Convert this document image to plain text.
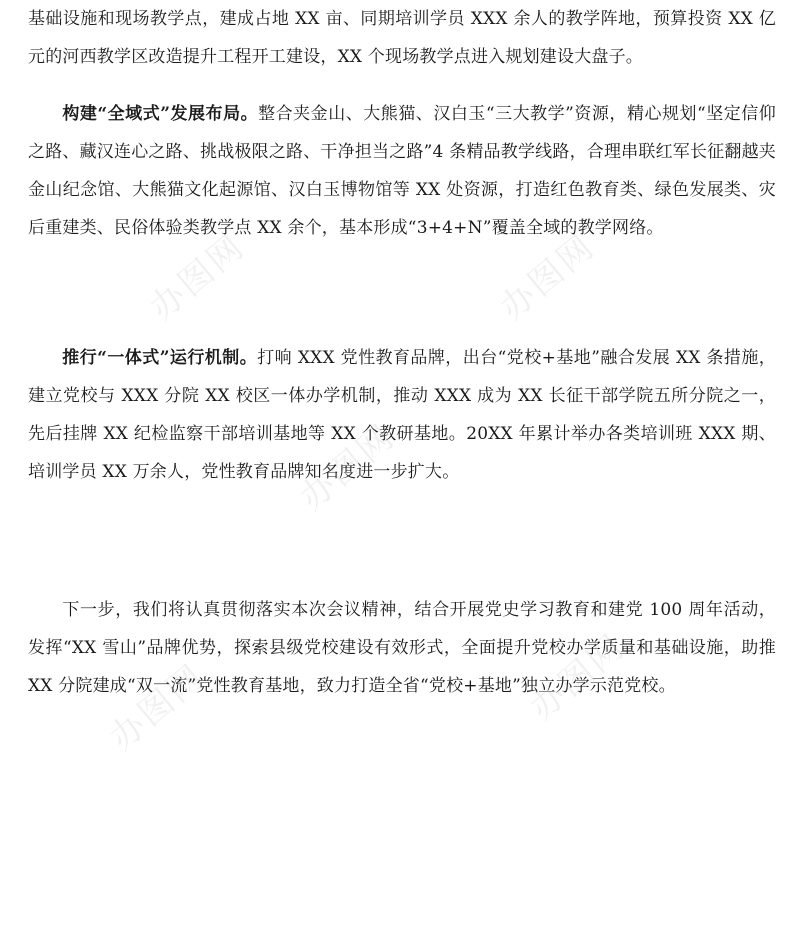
基础设施和现场教学点，建成占地 XX 亩、同期培训学员 XXX 余人的教学阵地，预算投资 XX 亿元的河西教学区改造提升工程开工建设，XX 个现场教学点进入规划建设大盘子。

构建“全域式”发展布局。整合夹金山、大熊猫、汉白玉“三大教学”资源，精心规划“坚定信仰之路、藏汉连心之路、挑战极限之路、干净担当之路”4 条精品教学线路，合理串联红军长征翻越夹金山纪念馆、大熊猫文化起源馆、汉白玉博物馆等 XX 处资源，打造红色教育类、绿色发展类、灾后重建类、民俗体验类教学点 XX 余个，基本形成“3+4+N”覆盖全域的教学网络。

推行“一体式”运行机制。打响 XXX 党性教育品牌，出台“党校+基地”融合发展 XX 条措施，建立党校与 XXX 分院 XX 校区一体办学机制，推动 XXX 成为 XX 长征干部学院五所分院之一，先后挂牌 XX 纪检监察干部培训基地等 XX 个教研基地。20XX 年累计举办各类培训班 XXX 期、培训学员 XX 万余人，党性教育品牌知名度进一步扩大。

下一步，我们将认真贯彻落实本次会议精神，结合开展党史学习教育和建党 100 周年活动，发挥“XX 雪山”品牌优势，探索县级党校建设有效形式，全面提升党校办学质量和基础设施，助推 XX 分院建成“双一流”党性教育基地，致力打造全省“党校+基地”独立办学示范党校。

办图网	办图网
办图网
办图网
办图网
